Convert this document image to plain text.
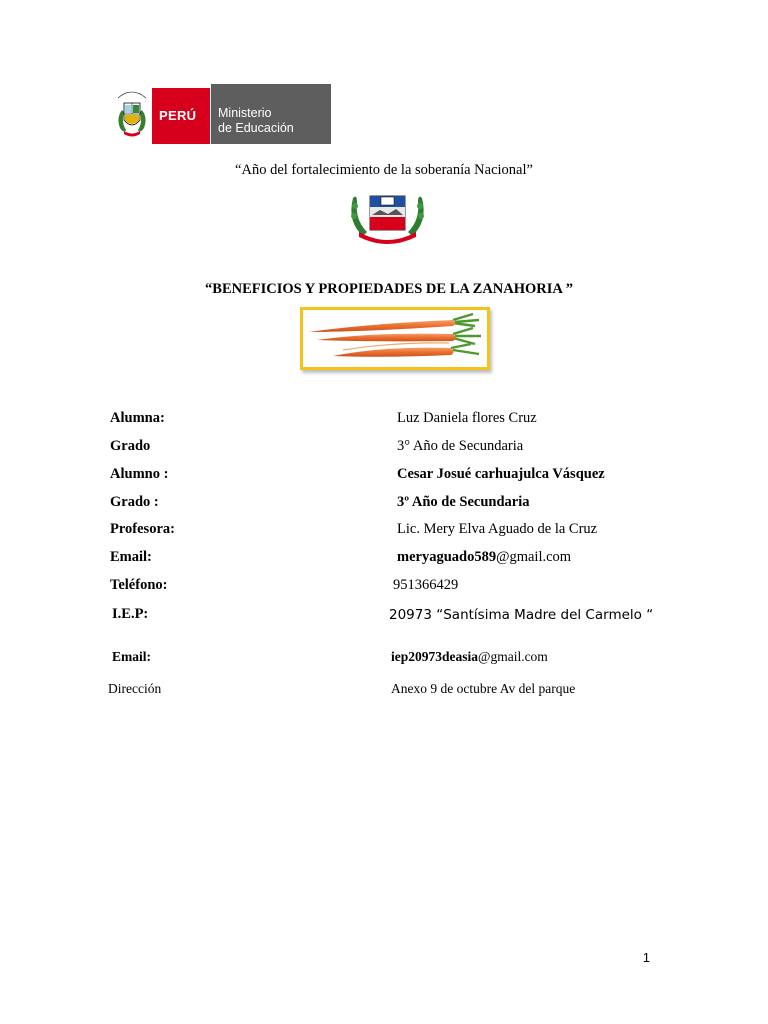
PERÚ Ministerio
de Educación
“Año del fortalecimiento de la soberanía Nacional”
“BENEFICIOS Y PROPIEDADES DE LA ZANAHORIA ”
Alumna:	Luz Daniela flores Cruz
Grado	3° Año de Secundaria
Alumno :	Cesar Josué carhuajulca Vásquez
Grado :	3º Año de Secundaria
Profesora:	Lic. Mery Elva Aguado de la Cruz
Email:	meryaguado589@gmail.com
Teléfono:	951366429
I.E.P:	20973 “Santísima Madre del Carmelo “
Email:	iep20973deasia@gmail.com
Dirección	Anexo 9 de octubre Av del parque
1
